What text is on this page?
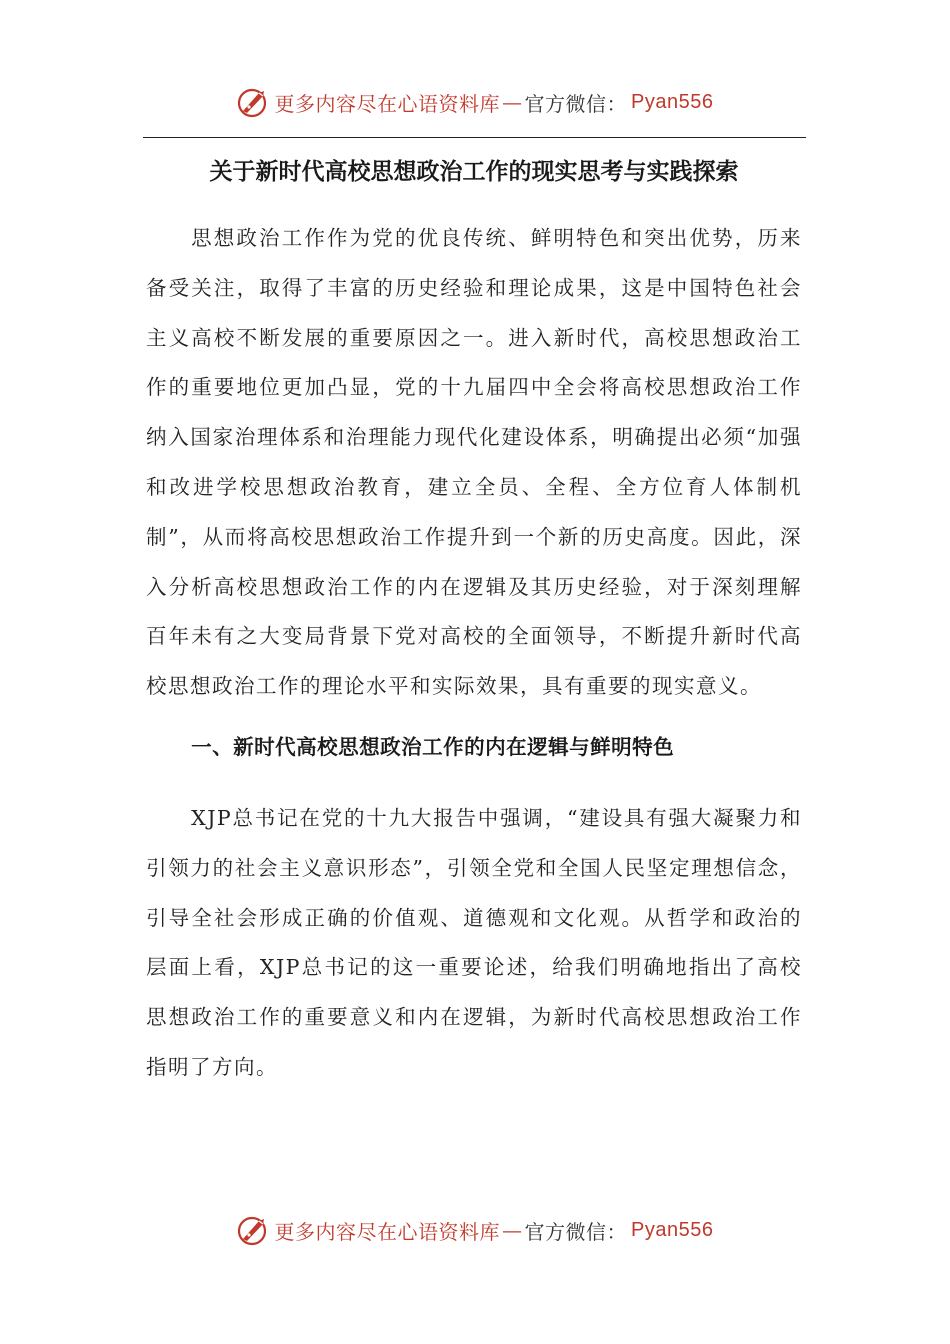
更多内容尽在心语资料库 — 官方微信： Pyan556
关于新时代高校思想政治工作的现实思考与实践探索

思想政治工作作为党的优良传统、鲜明特色和突出优势，历来备受关注，取得了丰富的历史经验和理论成果，这是中国特色社会主义高校不断发展的重要原因之一。进入新时代，高校思想政治工作的重要地位更加凸显，党的十九届四中全会将高校思想政治工作纳入国家治理体系和治理能力现代化建设体系，明确提出必须“加强和改进学校思想政治教育，建立全员、全程、全方位育人体制机制”，从而将高校思想政治工作提升到一个新的历史高度。因此，深入分析高校思想政治工作的内在逻辑及其历史经验，对于深刻理解百年未有之大变局背景下党对高校的全面领导，不断提升新时代高校思想政治工作的理论水平和实际效果，具有重要的现实意义。

一、新时代高校思想政治工作的内在逻辑与鲜明特色

XJP总书记在党的十九大报告中强调，“建设具有强大凝聚力和引领力的社会主义意识形态”，引领全党和全国人民坚定理想信念，引导全社会形成正确的价值观、道德观和文化观。从哲学和政治的层面上看，XJP总书记的这一重要论述，给我们明确地指出了高校思想政治工作的重要意义和内在逻辑，为新时代高校思想政治工作指明了方向。

更多内容尽在心语资料库 — 官方微信： Pyan556
